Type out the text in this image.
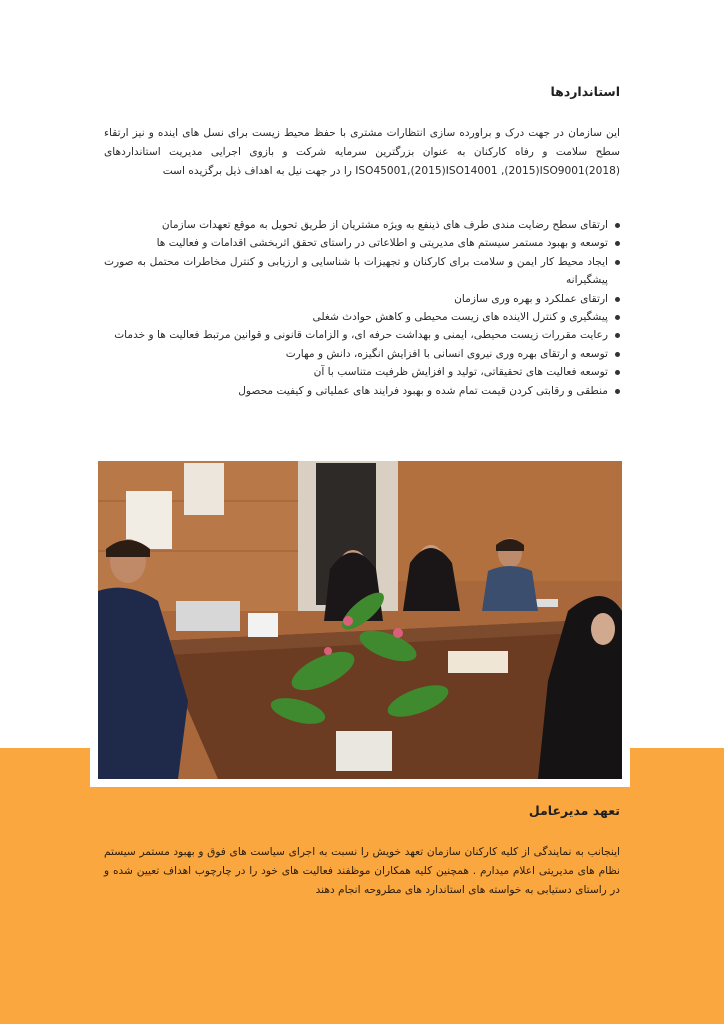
استانداردها

این سازمان در جهت درک و براورده سازی انتظارات مشتری با حفظ محیط زیست برای نسل های اینده و نیز ارتقاء سطح سلامت و رفاه کارکنان به عنوان بزرگترین سرمایه شرکت و بازوی اجرایی مدیریت استانداردهای (2018)ISO45001,(2015)ISO14001 ,(2015)ISO9001 را در جهت نیل به اهداف ذیل برگزیده است

ارتقای سطح رضایت مندی طرف های ذینفع به ویژه مشتریان از طریق تحویل به موقع تعهدات سازمان
توسعه و بهبود مستمر سیستم های مدیریتی و اطلاعاتی در راستای تحقق اثربخشی اقدامات و فعالیت ها
ایجاد محیط کار ایمن و سلامت برای کارکنان و تجهیزات با شناسایی و ارزیابی و کنترل مخاطرات محتمل به صورت پیشگیرانه
ارتقای عملکرد و بهره وری سازمان
پیشگیری و کنترل الاینده های زیست محیطی و کاهش حوادث شغلی
رعایت مقررات زیست محیطی، ایمنی و بهداشت حرفه ای، و الزامات قانونی و قوانین مرتبط فعالیت ها و خدمات
توسعه و ارتقای بهره وری نیروی انسانی با افزایش انگیزه، دانش و مهارت
توسعه فعالیت های تحقیقاتی، تولید و افزایش ظرفیت متناسب با آن
منطقی و رقابتی کردن قیمت تمام شده و بهبود فرایند های عملیاتی و کیفیت محصول
تعهد مدیرعامل

اینجانب به نمایندگی از کلیه کارکنان سازمان تعهد خویش را نسبت به اجرای سیاست های فوق و بهبود مستمر سیستم نظام های مدیریتی اعلام میدارم . همچنین کلیه همکاران موظفند فعالیت های خود را در چارچوب اهداف تعیین شده و در راستای دستیابی به خواسته های استاندارد های مطروحه انجام دهند
